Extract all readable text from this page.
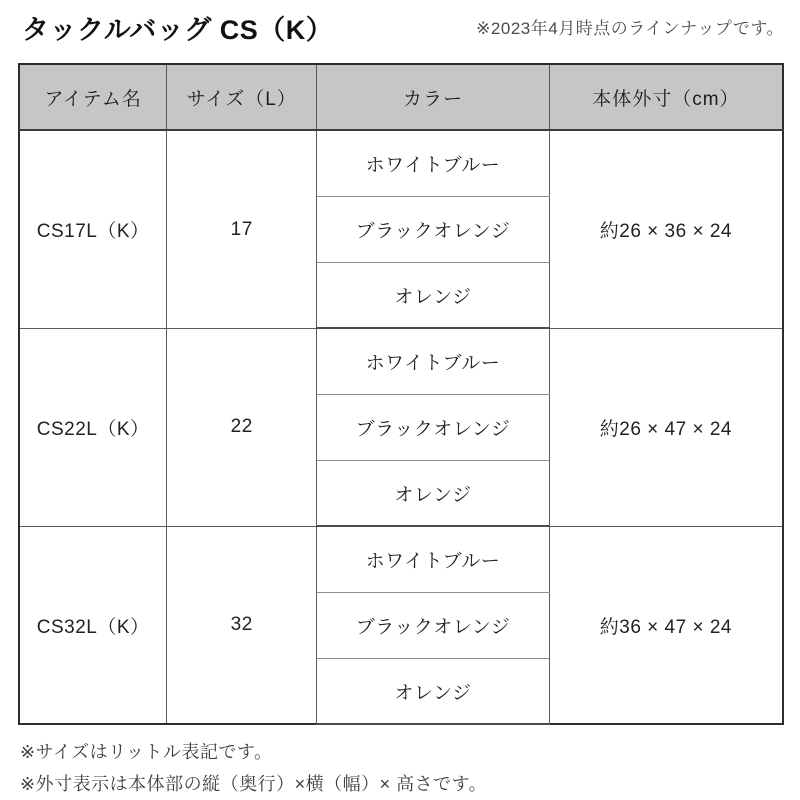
タックルバッグ CS（K）	※2023年4月時点のラインナップです。
アイテム名	サイズ（L）	カラー	本体外寸（cm）
CS17L（K）	17	ホワイトブルー	約26 × 36 × 24
		ブラックオレンジ	
		オレンジ	
CS22L（K）	22	ホワイトブルー	約26 × 47 × 24
		ブラックオレンジ	
		オレンジ	
CS32L（K）	32	ホワイトブルー	約36 × 47 × 24
		ブラックオレンジ	
		オレンジ	
※サイズはリットル表記です。
※外寸表示は本体部の縦（奥行）×横（幅）× 高さです。
